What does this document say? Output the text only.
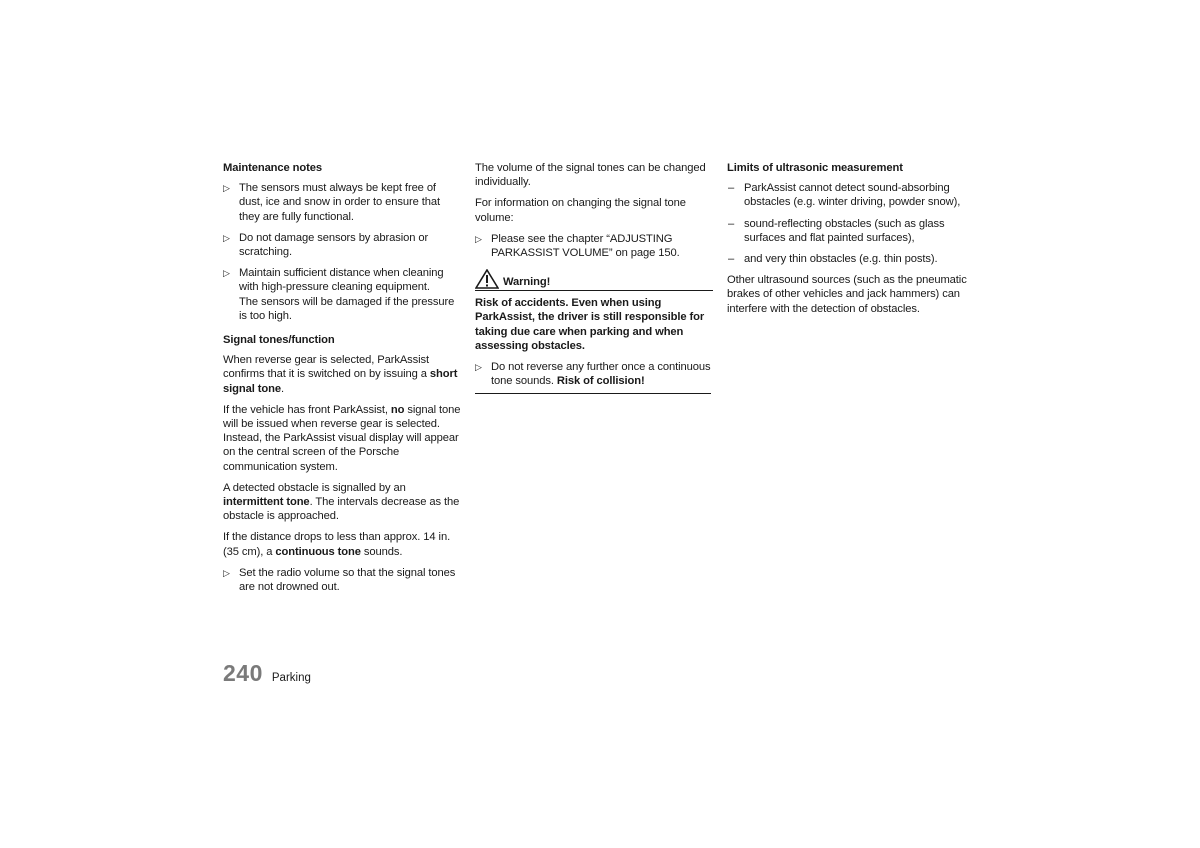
Maintenance notes
▷ The sensors must always be kept free of dust, ice and snow in order to ensure that they are fully functional.
▷ Do not damage sensors by abrasion or scratching.
▷ Maintain sufficient distance when cleaning with high-pressure cleaning equipment.
The sensors will be damaged if the pressure is too high.
Signal tones/function

When reverse gear is selected, ParkAssist confirms that it is switched on by issuing a short signal tone.

If the vehicle has front ParkAssist, no signal tone will be issued when reverse gear is selected. Instead, the ParkAssist visual display will appear on the central screen of the Porsche communication system.

A detected obstacle is signalled by an intermittent tone. The intervals decrease as the obstacle is approached.

If the distance drops to less than approx. 14 in. (35 cm), a continuous tone sounds.

▷ Set the radio volume so that the signal tones are not drowned out.

The volume of the signal tones can be changed individually.

For information on changing the signal tone volume:

▷ Please see the chapter “ADJUSTING PARKASSIST VOLUME” on page 150.
Warning!
Risk of accidents. Even when using ParkAssist, the driver is still responsible for taking due care when parking and when assessing obstacles.
▷ Do not reverse any further once a continuous tone sounds. Risk of collision!
Limits of ultrasonic measurement
– ParkAssist cannot detect sound-absorbing obstacles (e.g. winter driving, powder snow),
– sound-reflecting obstacles (such as glass surfaces and flat painted surfaces),
– and very thin obstacles (e.g. thin posts).

Other ultrasound sources (such as the pneumatic brakes of other vehicles and jack hammers) can interfere with the detection of obstacles.

240 Parking
